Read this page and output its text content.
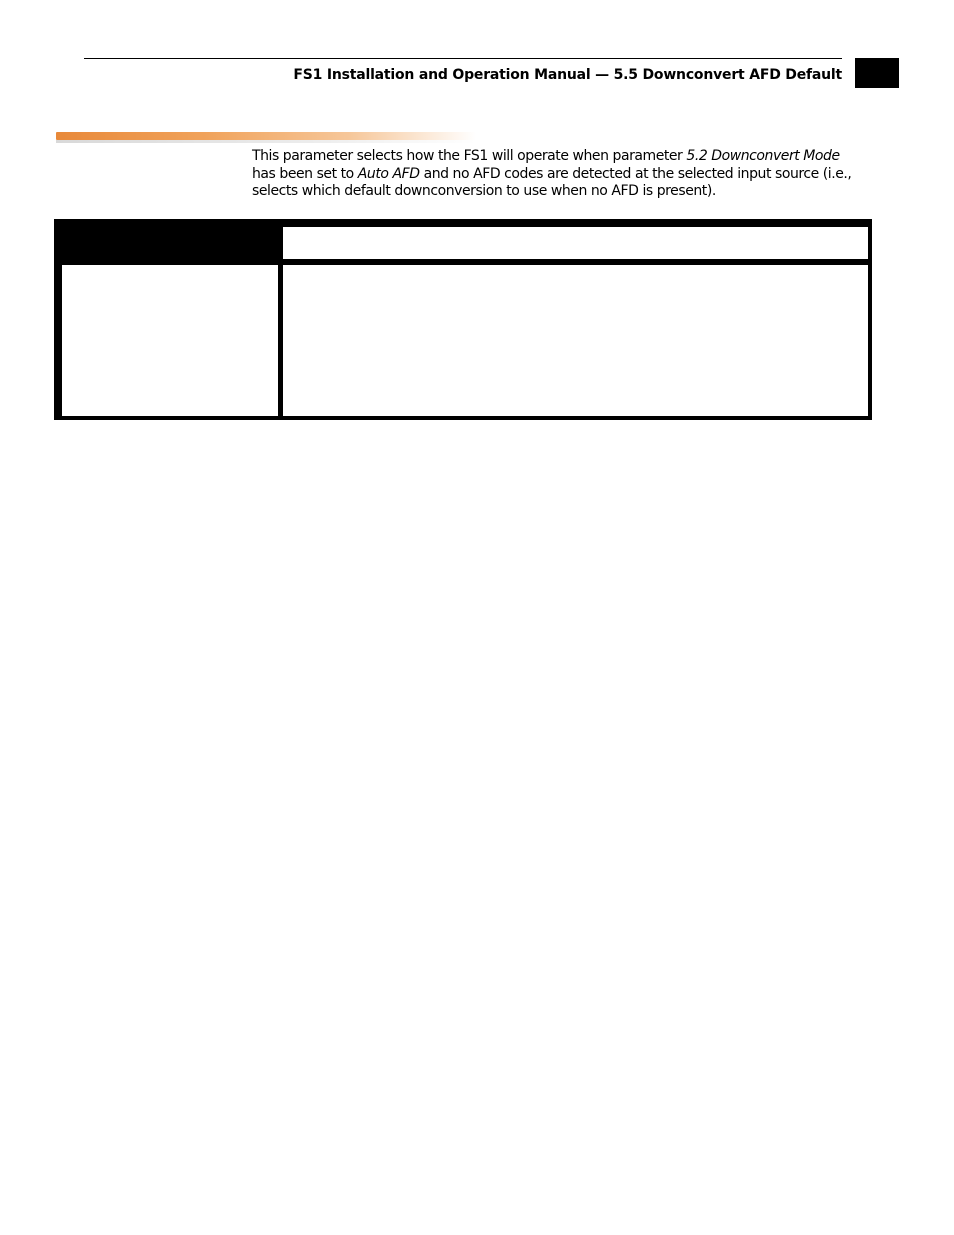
FS1 Installation and Operation Manual — 5.5 Downconvert AFD Default

This parameter selects how the FS1 will operate when parameter 5.2 Downconvert Mode has been set to Auto AFD and no AFD codes are detected at the selected input source (i.e., selects which default downconversion to use when no AFD is present).
